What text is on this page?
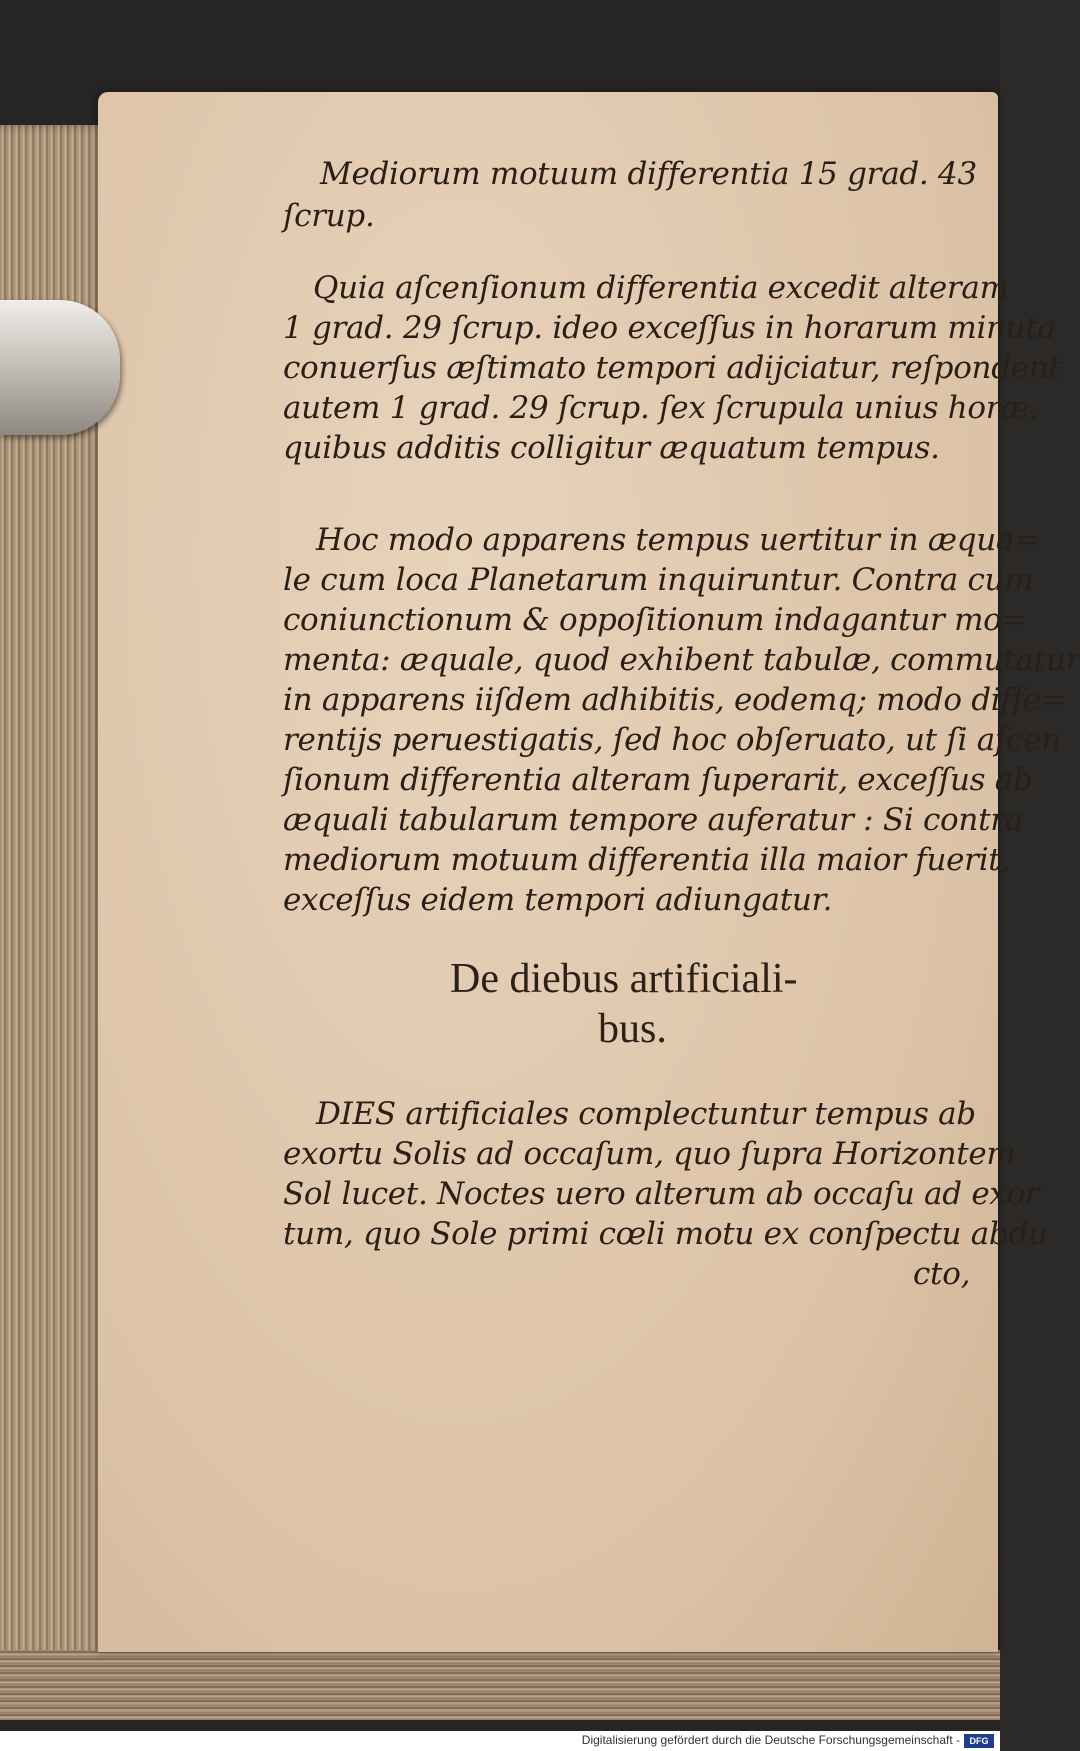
Mediorum motuum differentia 15 grad. 43
ſcrup.
Quia aſcenſionum differentia excedit alteram
1 grad. 29 ſcrup. ideo exceſſus in horarum minuta
conuerſus æſtimato tempori adijciatur, reſpondent
autem 1 grad. 29 ſcrup. ſex ſcrupula unius horæ,
quibus additis colligitur æquatum tempus.
Hoc modo apparens tempus uertitur in æqua=
le cum loca Planetarum inquiruntur. Contra cum
coniunctionum & oppoſitionum indagantur mo=
menta: æquale, quod exhibent tabulæ, commutatur
in apparens iiſdem adhibitis, eodemq; modo diffe=
rentijs peruestigatis, ſed hoc obſeruato, ut ſi aſcen
ſionum differentia alteram ſuperarit, exceſſus ab
æquali tabularum tempore auferatur : Si contra
mediorum motuum differentia illa maior fuerit,
exceſſus eidem tempori adiungatur.
De diebus artificiali-
bus.
DIES artificiales complectuntur tempus ab
exortu Solis ad occaſum, quo ſupra Horizontem
Sol lucet. Noctes uero alterum ab occaſu ad exor
tum, quo Sole primi cœli motu ex conſpectu abdu
cto,
Digitalisierung gefördert durch die Deutsche Forschungsgemeinschaft -	DFG
